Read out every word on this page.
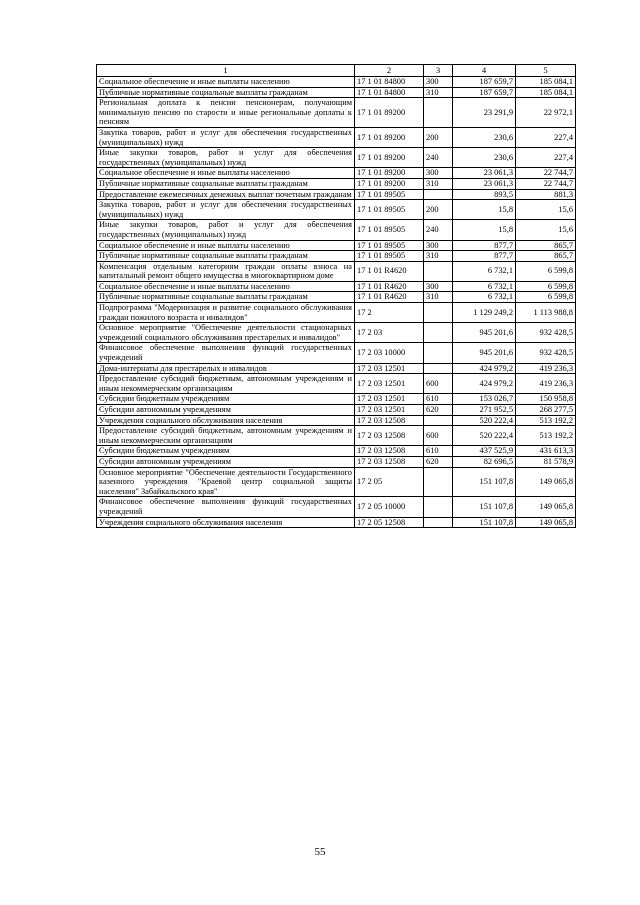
1	2	3	4	5
Социальное обеспечение и иные выплаты населению	17 1 01 84800	300	187 659,7	185 084,1
Публичные нормативные социальные выплаты гражданам	17 1 01 84800	310	187 659,7	185 084,1
Региональная доплата к пенсии пенсионерам, получающим минимальную пенсию по старости и иные региональные доплаты к пенсиям	17 1 01 89200		23 291,9	22 972,1
Закупка товаров, работ и услуг для обеспечения государственных (муниципальных) нужд	17 1 01 89200	200	230,6	227,4
Иные закупки товаров, работ и услуг для обеспечения государственных (муниципальных) нужд	17 1 01 89200	240	230,6	227,4
Социальное обеспечение и иные выплаты населению	17 1 01 89200	300	23 061,3	22 744,7
Публичные нормативные социальные выплаты гражданам	17 1 01 89200	310	23 061,3	22 744,7
Предоставление ежемесячных денежных выплат почетным гражданам	17 1 01 89505		893,5	881,3
Закупка товаров, работ и услуг для обеспечения государственных (муниципальных) нужд	17 1 01 89505	200	15,8	15,6
Иные закупки товаров, работ и услуг для обеспечения государственных (муниципальных) нужд	17 1 01 89505	240	15,8	15,6
Социальное обеспечение и иные выплаты населению	17 1 01 89505	300	877,7	865,7
Публичные нормативные социальные выплаты гражданам	17 1 01 89505	310	877,7	865,7
Компенсация отдельным категориям граждан оплаты взноса на капитальный ремонт общего имущества в многоквартирном доме	17 1 01 R4620		6 732,1	6 599,8
Социальное обеспечение и иные выплаты населению	17 1 01 R4620	300	6 732,1	6 599,8
Публичные нормативные социальные выплаты гражданам	17 1 01 R4620	310	6 732,1	6 599,8
Подпрограмма "Модернизация и развитие социального обслуживания граждан пожилого возраста и инвалидов"	17 2		1 129 249,2	1 113 988,8
Основное мероприятие "Обеспечение деятельности стационарных учреждений социального обслуживания престарелых и инвалидов"	17 2 03		945 201,6	932 428,5
Финансовое обеспечение выполнения функций государственных учреждений	17 2 03 10000		945 201,6	932 428,5
Дома-интернаты для престарелых и инвалидов	17 2 03 12501		424 979,2	419 236,3
Предоставление субсидий бюджетным, автономным учреждениям и иным некоммерческим организациям	17 2 03 12501	600	424 979,2	419 236,3
Субсидии бюджетным учреждениям	17 2 03 12501	610	153 026,7	150 958,8
Субсидии автономным учреждениям	17 2 03 12501	620	271 952,5	268 277,5
Учреждения социального обслуживания населения	17 2 03 12508		520 222,4	513 192,2
Предоставление субсидий бюджетным, автономным учреждениям и иным некоммерческим организациям	17 2 03 12508	600	520 222,4	513 192,2
Субсидии бюджетным учреждениям	17 2 03 12508	610	437 525,9	431 613,3
Субсидии автономным учреждениям	17 2 03 12508	620	82 696,5	81 578,9
Основное мероприятие "Обеспечение деятельности Государственного казенного учреждения "Краевой центр социальной защиты населения" Забайкальского края"	17 2 05		151 107,8	149 065,8
Финансовое обеспечение выполнения функций государственных учреждений	17 2 05 10000		151 107,8	149 065,8
Учреждения социального обслуживания населения	17 2 05 12508		151 107,8	149 065,8
55
